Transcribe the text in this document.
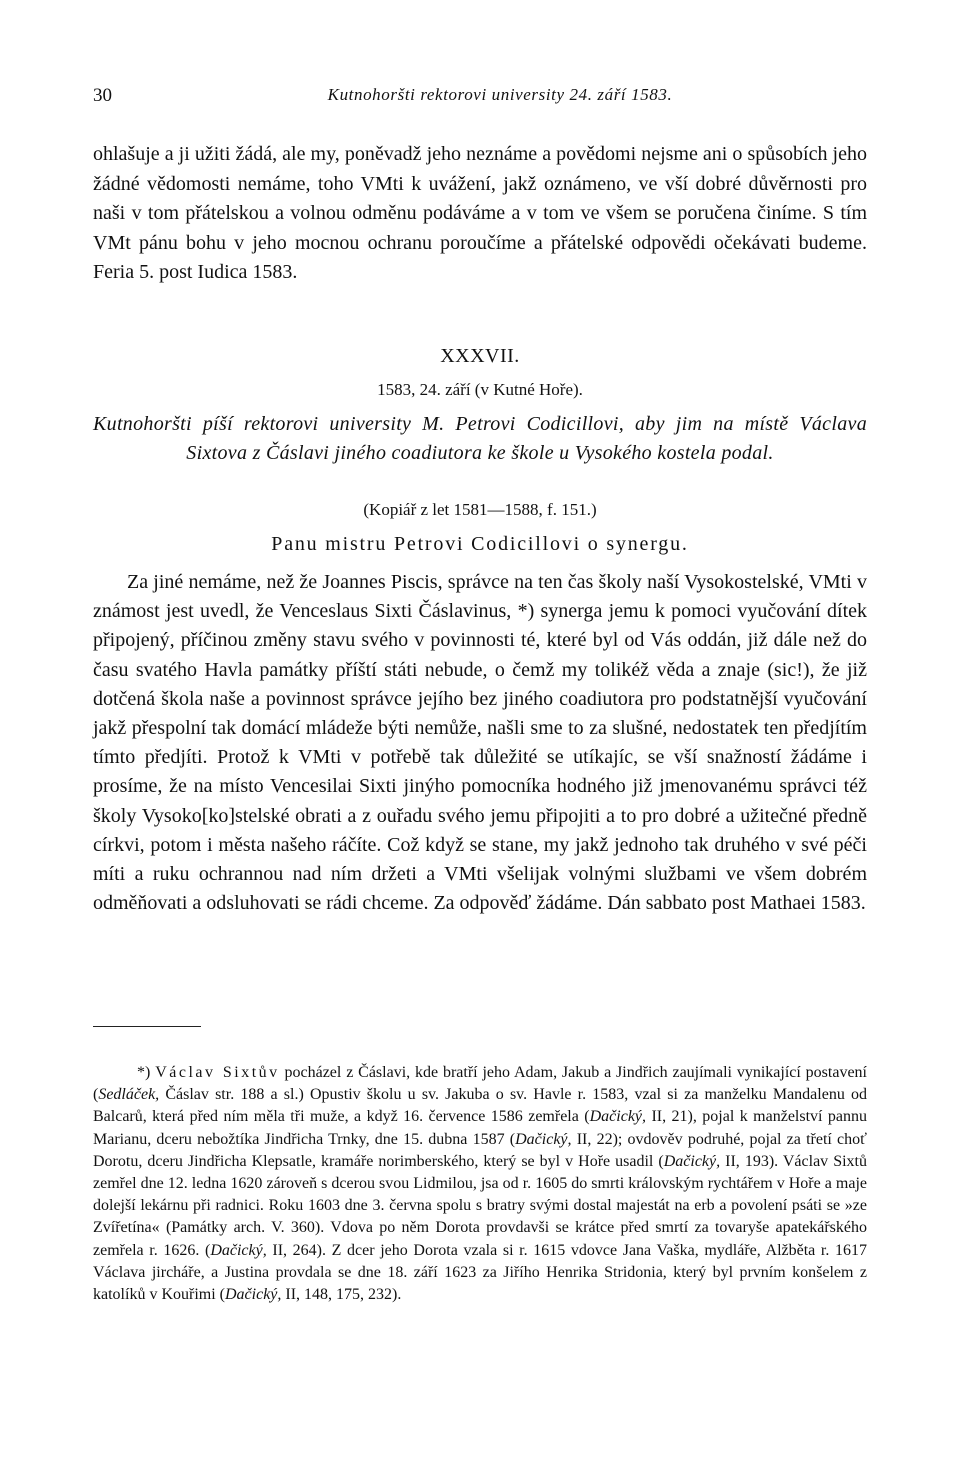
30	Kutnohoršti rektorovi university 24. září 1583.

ohlašuje a ji užiti žádá, ale my, poněvadž jeho neznáme a povědomi nejsme ani o spůsobích jeho žádné vědomosti nemáme, toho VMti k uvážení, jakž oznámeno, ve vší dobré důvěrnosti pro naši v tom přátelskou a volnou odměnu podáváme a v tom ve všem se poručena činíme. S tím VMt pánu bohu v jeho mocnou ochranu poroučíme a přátelské odpovědi očekávati budeme. Feria 5. post Iudica 1583.

XXXVII.
1583, 24. září (v Kutné Hoře).

Kutnohoršti píší rektorovi university M. Petrovi Codicillovi, aby jim na místě Václava Sixtova z Čáslavi jiného coadiutora ke škole u Vysokého kostela podal.

(Kopiář z let 1581—1588, f. 151.)
Panu mistru Petrovi Codicillovi o synergu.

Za jiné nemáme, než že Joannes Piscis, správce na ten čas školy naší Vysokostelské, VMti v známost jest uvedl, že Venceslaus Sixti Čáslavinus, *) synerga jemu k pomoci vyučování dítek připojený, příčinou změny stavu svého v povinnosti té, které byl od Vás oddán, již dále než do času svatého Havla památky příští státi nebude, o čemž my tolikéž věda a znaje (sic!), že již dotčená škola naše a povinnost správce jejího bez jiného coadiutora pro podstatnější vyučování jakž přespolní tak domácí mládeže býti nemůže, našli sme to za slušné, nedostatek ten předjítím tímto předjíti. Protož k VMti v potřebě tak důležité se utíkajíc, se vší snažností žádáme i prosíme, že na místo Vencesilai Sixti jinýho pomocníka hodného již jmenovanému správci též školy Vysoko[ko]stelské obrati a z ouřadu svého jemu připojiti a to pro dobré a užitečné předně církvi, potom i města našeho ráčíte. Což když se stane, my jakž jednoho tak druhého v své péči míti a ruku ochrannou nad ním držeti a VMti všelijak volnými službami ve všem dobrém odměňovati a odsluhovati se rádi chceme. Za odpověď žádáme. Dán sabbato post Mathaei 1583.

*) Václav Sixtův pocházel z Čáslavi, kde bratří jeho Adam, Jakub a Jindřich zaujímali vynikající postavení (Sedláček, Čáslav str. 188 a sl.) Opustiv školu u sv. Jakuba o sv. Havle r. 1583, vzal si za manželku Mandalenu od Balcarů, která před ním měla tři muže, a když 16. července 1586 zemřela (Dačický, II, 21), pojal k manželství pannu Marianu, dceru nebožtíka Jindřicha Trnky, dne 15. dubna 1587 (Dačický, II, 22); ovdověv podruhé, pojal za třetí choť Dorotu, dceru Jindřicha Klepsatle, kramáře norimberského, který se byl v Hoře usadil (Dačický, II, 193). Václav Sixtů zemřel dne 12. ledna 1620 zároveň s dcerou svou Lidmilou, jsa od r. 1605 do smrti královským rychtářem v Hoře a maje dolejší lekárnu při radnici. Roku 1603 dne 3. června spolu s bratry svými dostal majestát na erb a povolení psáti se »ze Zvířetína« (Památky arch. V. 360). Vdova po něm Dorota provdavši se krátce před smrtí za tovaryše apatekářského zemřela r. 1626. (Dačický, II, 264). Z dcer jeho Dorota vzala si r. 1615 vdovce Jana Vaška, mydláře, Alžběta r. 1617 Václava jircháře, a Justina provdala se dne 18. září 1623 za Jiřího Henrika Stridonia, který byl prvním konšelem z katolíků v Kouřimi (Dačický, II, 148, 175, 232).
